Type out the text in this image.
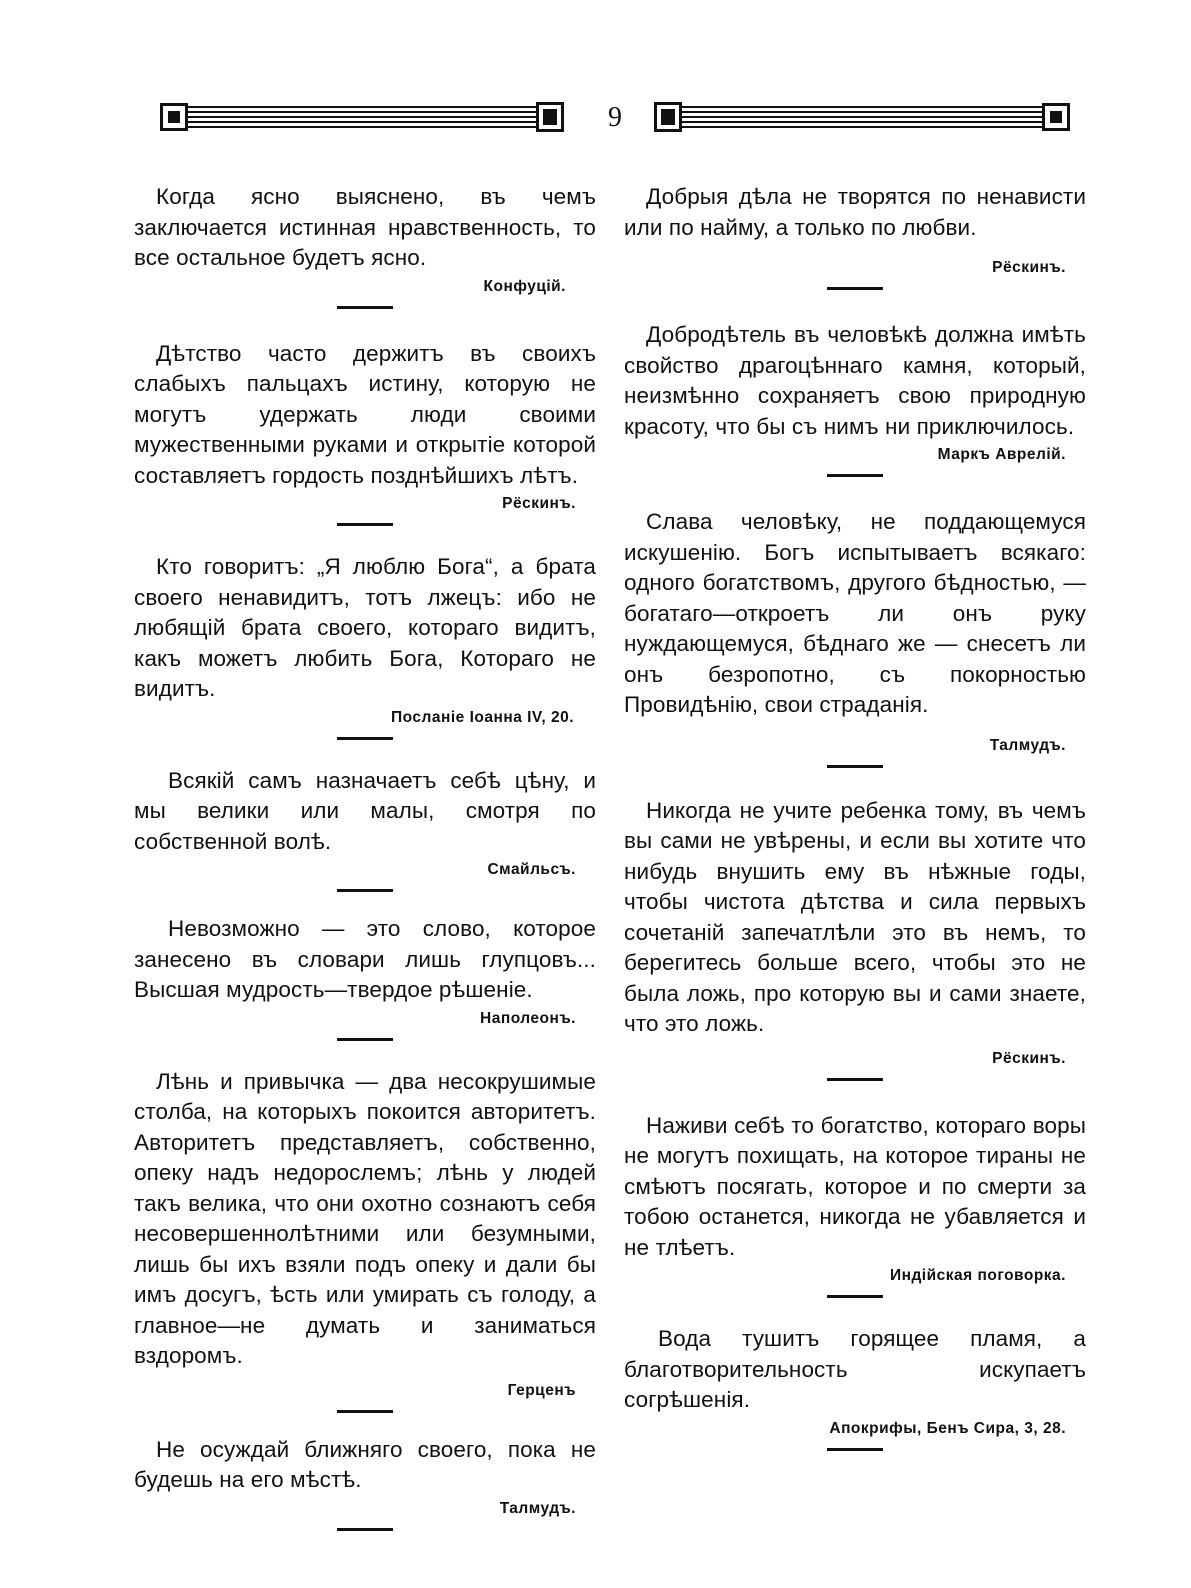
9

Когда ясно выяснено, въ чемъ заключается истинная нравственность, то все остальное будетъ ясно.

Конфуцій.

Дѣтство часто держитъ въ своихъ слабыхъ пальцахъ истину, которую не могутъ удержать люди своими мужественными руками и открытіе которой составляетъ гордость позднѣйшихъ лѣтъ.

Рёскинъ.

Кто говоритъ: „Я люблю Бога“, а брата своего ненавидитъ, тотъ лжецъ: ибо не любящій брата своего, котораго видитъ, какъ можетъ любить Бога, Котораго не видитъ.

Посланіе Іоанна IV, 20.

Всякій самъ назначаетъ себѣ цѣну, и мы велики или малы, смотря по собственной волѣ.

Смайльсъ.

Невозможно — это слово, которое занесено въ словари лишь глупцовъ... Высшая мудрость—твердое рѣшеніе.

Наполеонъ.

Лѣнь и привычка — два несокрушимые столба, на которыхъ покоится авторитетъ. Авторитетъ представляетъ, собственно, опеку надъ недорослемъ; лѣнь у людей такъ велика, что они охотно сознаютъ себя несовершеннолѣтними или безумными, лишь бы ихъ взяли подъ опеку и дали бы имъ досугъ, ѣсть или умирать съ голоду, а главное—не думать и заниматься вздоромъ.

Герценъ

Не осуждай ближняго своего, пока не будешь на его мѣстѣ.

Талмудъ.

Добрыя дѣла не творятся по ненависти или по найму, а только по любви.

Рёскинъ.

Добродѣтель въ человѣкѣ должна имѣть свойство драгоцѣннаго камня, который, неизмѣнно сохраняетъ свою природную красоту, что бы съ нимъ ни приключилось.

Маркъ Аврелій.

Слава человѣку, не поддающемуся искушенію. Богъ испытываетъ всякаго: одного богатствомъ, другого бѣдностью, — богатаго—откроетъ ли онъ руку нуждающемуся, бѣднаго же — снесетъ ли онъ безропотно, съ покорностью Провидѣнію, свои страданія.

Талмудъ.

Никогда не учите ребенка тому, въ чемъ вы сами не увѣрены, и если вы хотите что нибудь внушить ему въ нѣжные годы, чтобы чистота дѣтства и сила первыхъ сочетаній запечатлѣли это въ немъ, то берегитесь больше всего, чтобы это не была ложь, про которую вы и сами знаете, что это ложь.

Рёскинъ.

Наживи себѣ то богатство, котораго воры не могутъ похищать, на которое тираны не смѣютъ посягать, которое и по смерти за тобою останется, никогда не убавляется и не тлѣетъ.

Индійская поговорка.

Вода тушитъ горящее пламя, а благотворительность искупаетъ согрѣшенія.

Апокрифы, Бенъ Сира, 3, 28.
